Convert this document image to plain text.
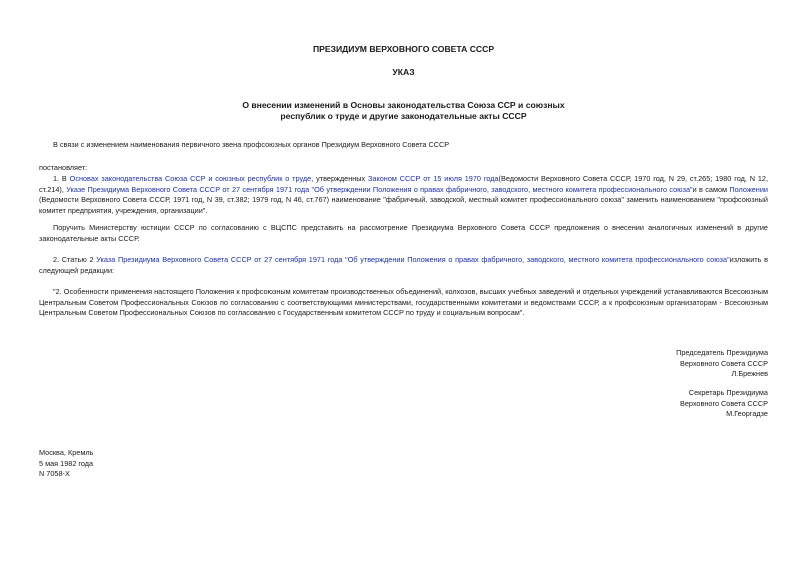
ПРЕЗИДИУМ ВЕРХОВНОГО СОВЕТА СССР
УКАЗ
О внесении изменений в Основы законодательства Союза ССР и союзных
республик о труде и другие законодательные акты СССР
В связи с изменением наименования первичного звена профсоюзных органов Президиум Верховного Совета СССР
постановляет:
1. В Основах законодательства Союза ССР и союзных республик о труде, утвержденных Законом СССР от 15 июля 1970 года(Ведомости Верховного Совета СССР, 1970 год, N 29, ст.265; 1980 год, N 12, ст.214), Указе Президиума Верховного Совета СССР от 27 сентября 1971 года "Об утверждении Положения о правах фабричного, заводского, местного комитета профессионального союза"и в самом Положении (Ведомости Верховного Совета СССР, 1971 год, N 39, ст.382; 1979 год, N 46, ст.767) наименование "фабричный, заводской, местный комитет профессионального союза" заменить наименованием "профсоюзный комитет предприятия, учреждения, организации".
Поручить Министерству юстиции СССР по согласованию с ВЦСПС представить на рассмотрение Президиума Верховного Совета СССР предложения о внесении аналогичных изменений в другие законодательные акты СССР.
2. Статью 2 Указа Президиума Верховного Совета СССР от 27 сентября 1971 года "Об утверждении Положения о правах фабричного, заводского, местного комитета профессионального союза"изложить в следующей редакции:
"2. Особенности применения настоящего Положения к профсоюзным комитетам производственных объединений, колхозов, высших учебных заведений и отдельных учреждений устанавливаются Всесоюзным Центральным Советом Профессиональных Союзов по согласованию с соответствующими министерствами, государственными комитетами и ведомствами СССР, а к профсоюзным организаторам - Всесоюзным Центральным Советом Профессиональных Союзов по согласованию с Государственным комитетом СССР по труду и социальным вопросам".
Председатель Президиума
Верховного Совета СССР
Л.Брежнев
Секретарь Президиума
Верховного Совета СССР
М.Георгадзе
Москва, Кремль
5 мая 1982 года
N 7058-X
